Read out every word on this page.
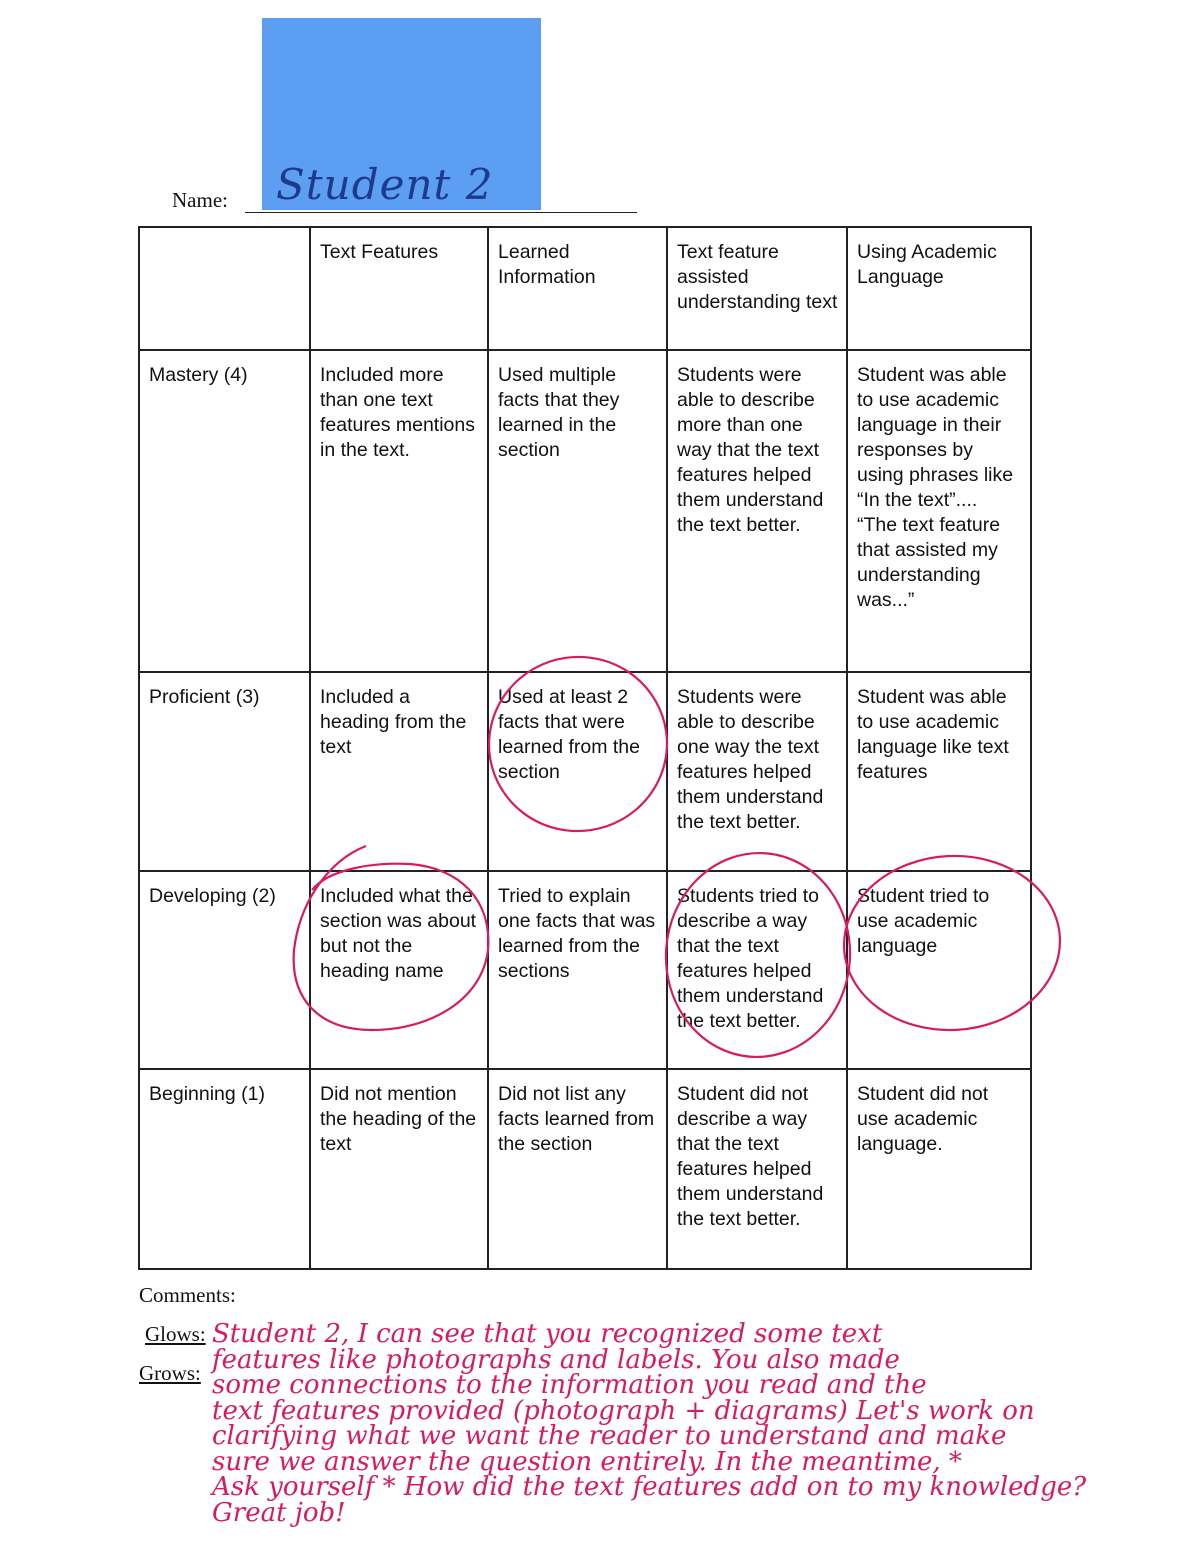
Name: Student 2
	Text Features	Learned Information	Text feature assisted understanding text	Using Academic Language
Mastery (4)	Included more than one text features mentions in the text.	Used multiple facts that they learned in the section	Students were able to describe more than one way that the text features helped them understand the text better.	Student was able to use academic language in their responses by using phrases like “In the text”.... “The text feature that assisted my understanding was...”
Proficient (3)	Included a heading from the text	Used at least 2 facts that were learned from the section	Students were able to describe one way the text features helped them understand the text better.	Student was able to use academic language like text features
Developing (2)	Included what the section was about but not the heading name	Tried to explain one facts that was learned from the sections	Students tried to describe a way that the text features helped them understand the text better.	Student tried to use academic language
Beginning (1)	Did not mention the heading of the text	Did not list any facts learned from the section	Student did not describe a way that the text features helped them understand the text better.	Student did not use academic language.
Comments:
Glows:
Grows:
Student 2, I can see that you recognized some text
features like photographs and labels. You also made
some connections to the information you read and the
text features provided (photograph + diagrams) Let's work on
clarifying what we want the reader to understand and make
sure we answer the question entirely. In the meantime, *
Ask yourself * How did the text features add on to my knowledge?
Great job!
